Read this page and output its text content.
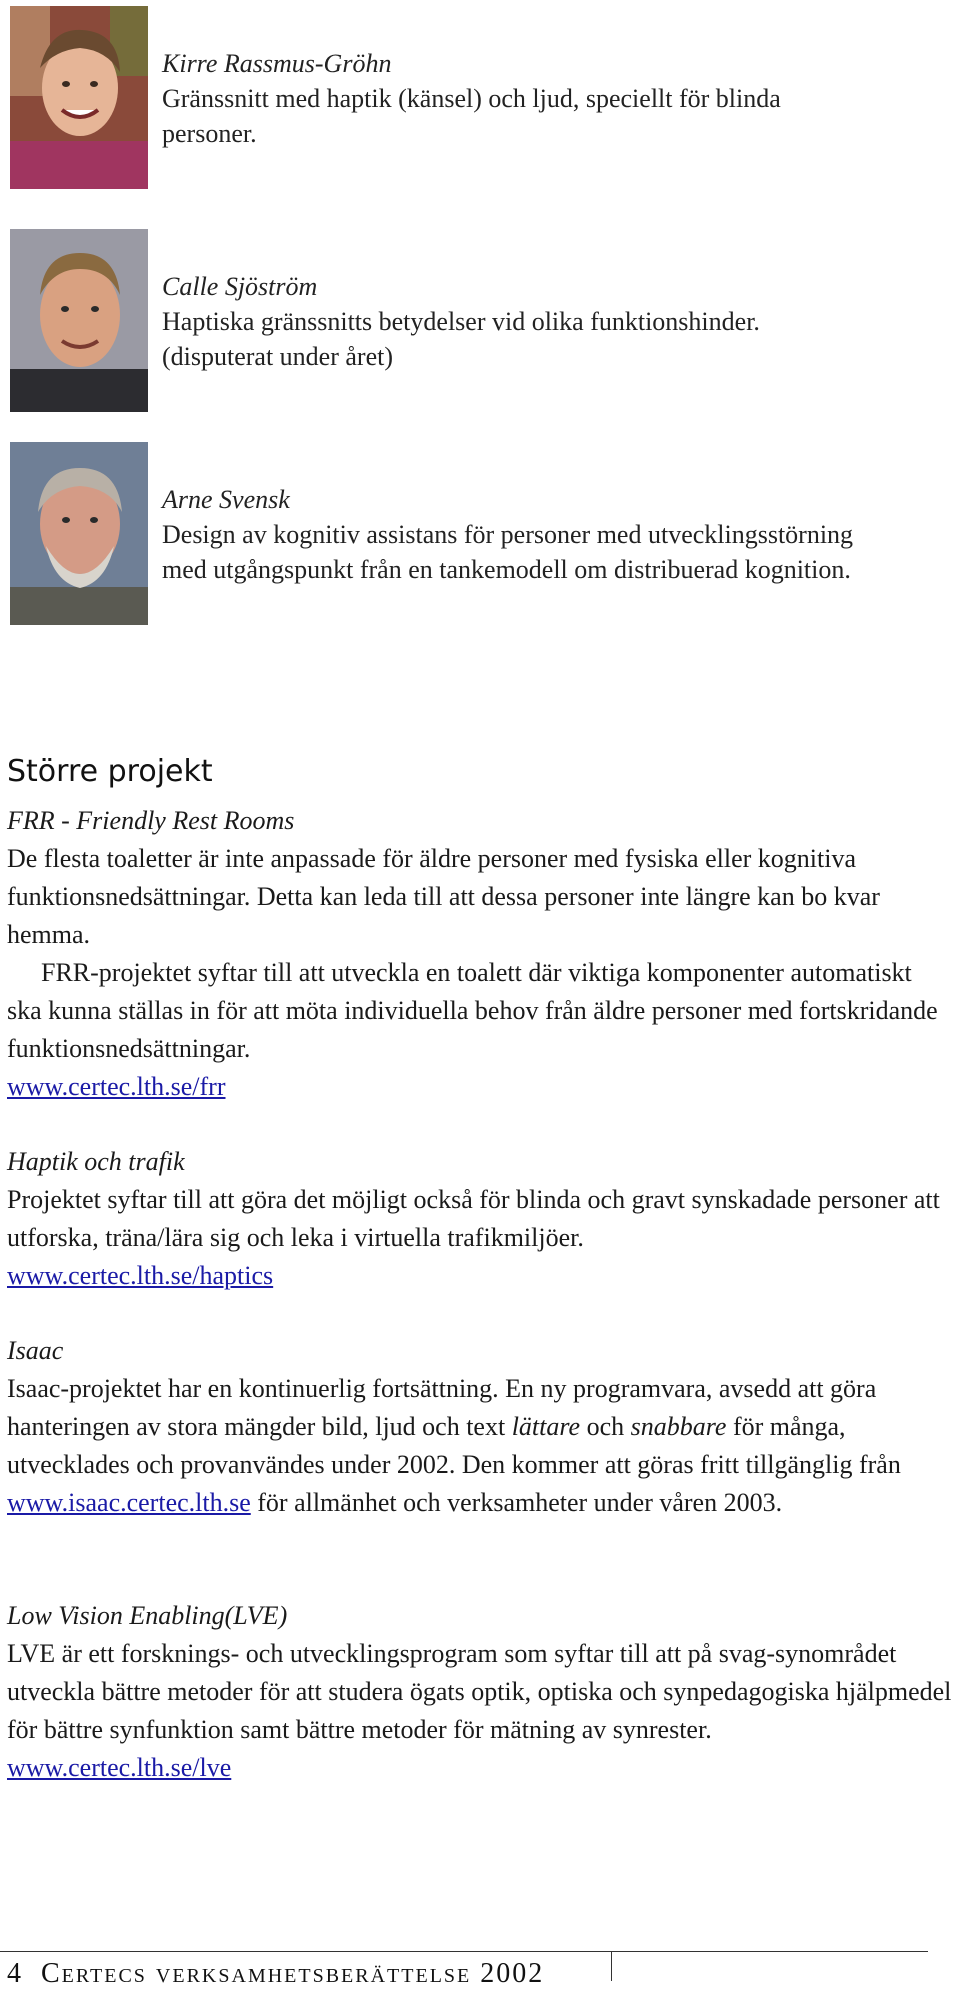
Kirre Rassmus-Gröhn
Gränssnitt med haptik (känsel) och ljud, speciellt för blinda
personer.
Calle Sjöström
Haptiska gränssnitts betydelser vid olika funktionshinder.
(disputerat under året)
Arne Svensk
Design av kognitiv assistans för personer med utvecklingsstörning
med utgångspunkt från en tankemodell om distribuerad kognition.
Större projekt
FRR - Friendly Rest Rooms

De flesta toaletter är inte anpassade för äldre personer med fysiska eller kognitiva funktionsnedsättningar. Detta kan leda till att dessa personer inte längre kan bo kvar hemma.

FRR-projektet syftar till att utveckla en toalett där viktiga komponenter automatiskt ska kunna ställas in för att möta individuella behov från äldre personer med fortskridande funktionsnedsättningar.

www.certec.lth.se/frr
Haptik och trafik

Projektet syftar till att göra det möjligt också för blinda och gravt synskadade personer att utforska, träna/lära sig och leka i virtuella trafikmiljöer.

www.certec.lth.se/haptics
Isaac

Isaac-projektet har en kontinuerlig fortsättning. En ny programvara, avsedd att göra hanteringen av stora mängder bild, ljud och text lättare och snabbare för många, utvecklades och provanvändes under 2002. Den kommer att göras fritt tillgänglig från www.isaac.certec.lth.se för allmänhet och verksamheter under våren 2003.

Low Vision Enabling(LVE)

LVE är ett forsknings- och utvecklingsprogram som syftar till att på svag-synområdet utveckla bättre metoder för att studera ögats optik, optiska och synpedagogiska hjälpmedel för bättre synfunktion samt bättre metoder för mätning av synrester.

www.certec.lth.se/lve
4 Certecs verksamhetsberättelse 2002
